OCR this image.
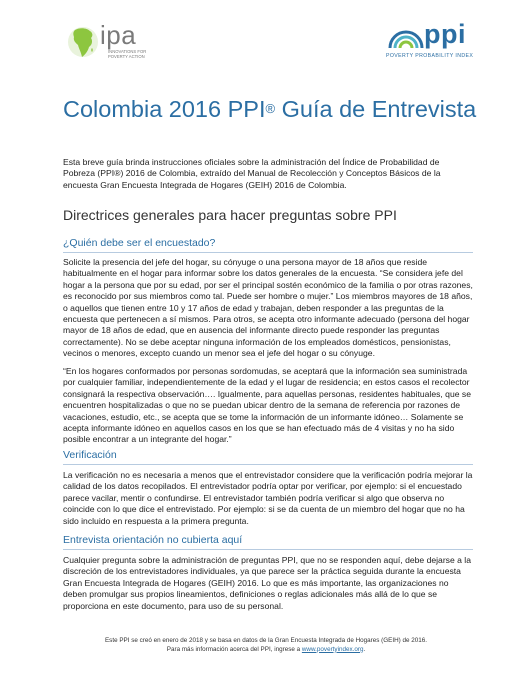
ipa
INNOVATIONS FOR POVERTY ACTION
ppi
POVERTY PROBABILITY INDEX
Colombia 2016 PPI® Guía de Entrevista

Esta breve guía brinda instrucciones oficiales sobre la administración del Índice de Probabilidad de Pobreza (PPI®) 2016 de Colombia, extraído del Manual de Recolección y Conceptos Básicos de la encuesta Gran Encuesta Integrada de Hogares (GEIH) 2016 de Colombia.

Directrices generales para hacer preguntas sobre PPI
¿Quién debe ser el encuestado?

Solicite la presencia del jefe del hogar, su cónyuge o una persona mayor de 18 años que reside habitualmente en el hogar para informar sobre los datos generales de la encuesta. “Se considera jefe del hogar a la persona que por su edad, por ser el principal sostén económico de la familia o por otras razones, es reconocido por sus miembros como tal. Puede ser hombre o mujer.” Los miembros mayores de 18 años, o aquellos que tienen entre 10 y 17 años de edad y trabajan, deben responder a las preguntas de la encuesta que pertenecen a sí mismos. Para otros, se acepta otro informante adecuado (persona del hogar mayor de 18 años de edad, que en ausencia del informante directo puede responder las preguntas correctamente). No se debe aceptar ninguna información de los empleados domésticos, pensionistas, vecinos o menores, excepto cuando un menor sea el jefe del hogar o su cónyuge.

“En los hogares conformados por personas sordomudas, se aceptará que la información sea suministrada por cualquier familiar, independientemente de la edad y el lugar de residencia; en estos casos el recolector consignará la respectiva observación…. Igualmente, para aquellas personas, residentes habituales, que se encuentren hospitalizadas o que no se puedan ubicar dentro de la semana de referencia por razones de vacaciones, estudio, etc., se acepta que se tome la información de un informante idóneo… Solamente se acepta informante idóneo en aquellos casos en los que se han efectuado más de 4 visitas y no ha sido posible encontrar a un integrante del hogar.”

Verificación

La verificación no es necesaria a menos que el entrevistador considere que la verificación podría mejorar la calidad de los datos recopilados. El entrevistador podría optar por verificar, por ejemplo: si el encuestado parece vacilar, mentir o confundirse. El entrevistador también podría verificar si algo que observa no coincide con lo que dice el entrevistado. Por ejemplo: si se da cuenta de un miembro del hogar que no ha sido incluido en respuesta a la primera pregunta.

Entrevista orientación no cubierta aquí

Cualquier pregunta sobre la administración de preguntas PPI, que no se responden aquí, debe dejarse a la discreción de los entrevistadores individuales, ya que parece ser la práctica seguida durante la encuesta Gran Encuesta Integrada de Hogares (GEIH) 2016. Lo que es más importante, las organizaciones no deben promulgar sus propios lineamientos, definiciones o reglas adicionales más allá de lo que se proporciona en este documento, para uso de su personal.

Este PPI se creó en enero de 2018 y se basa en datos de la Gran Encuesta Integrada de Hogares (GEIH) de 2016.
Para más información acerca del PPI, ingrese a www.povertyindex.org.
